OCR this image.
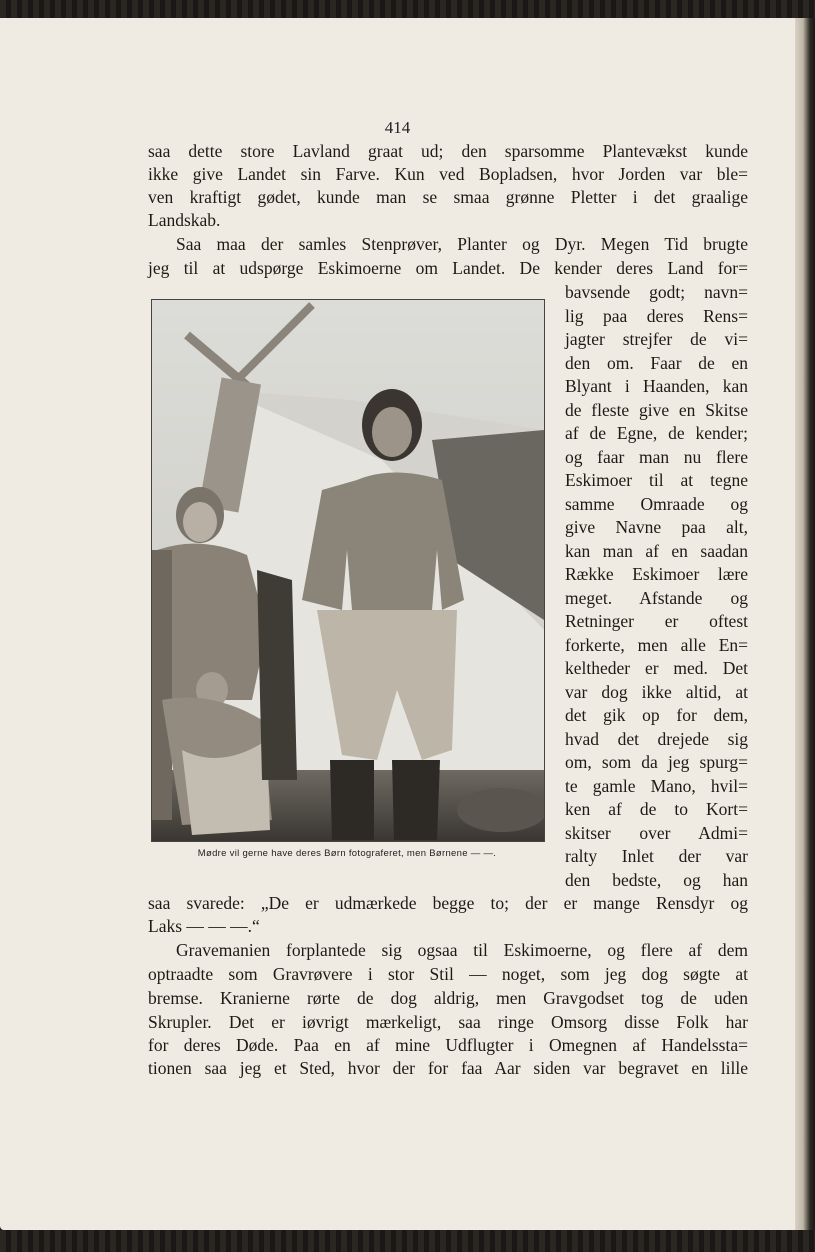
414
saa dette store Lavland graat ud; den sparsomme Plantevækst kunde
ikke give Landet sin Farve. Kun ved Bopladsen, hvor Jorden var ble=
ven kraftigt gødet, kunde man se smaa grønne Pletter i det graalige
Landskab.
Saa maa der samles Stenprøver, Planter og Dyr. Megen Tid brugte
jeg til at udspørge Eskimoerne om Landet. De kender deres Land for=
Mødre vil gerne have deres Børn fotograferet, men Børnene — —.
bavsende godt; navn=
lig paa deres Rens=
jagter strejfer de vi=
den om. Faar de en
Blyant i Haanden, kan
de fleste give en Skitse
af de Egne, de kender;
og faar man nu flere
Eskimoer til at tegne
samme Omraade og
give Navne paa alt,
kan man af en saadan
Række Eskimoer lære
meget. Afstande og
Retninger er oftest
forkerte, men alle En=
keltheder er med. Det
var dog ikke altid, at
det gik op for dem,
hvad det drejede sig
om, som da jeg spurg=
te gamle Mano, hvil=
ken af de to Kort=
skitser over Admi=
ralty Inlet der var
den bedste, og han
saa svarede: „De er udmærkede begge to; der er mange Rensdyr og
Laks — — —.“
Gravemanien forplantede sig ogsaa til Eskimoerne, og flere af dem
optraadte som Gravrøvere i stor Stil — noget, som jeg dog søgte at
bremse. Kranierne rørte de dog aldrig, men Gravgodset tog de uden
Skrupler. Det er iøvrigt mærkeligt, saa ringe Omsorg disse Folk har
for deres Døde. Paa en af mine Udflugter i Omegnen af Handelssta=
tionen saa jeg et Sted, hvor der for faa Aar siden var begravet en lille
